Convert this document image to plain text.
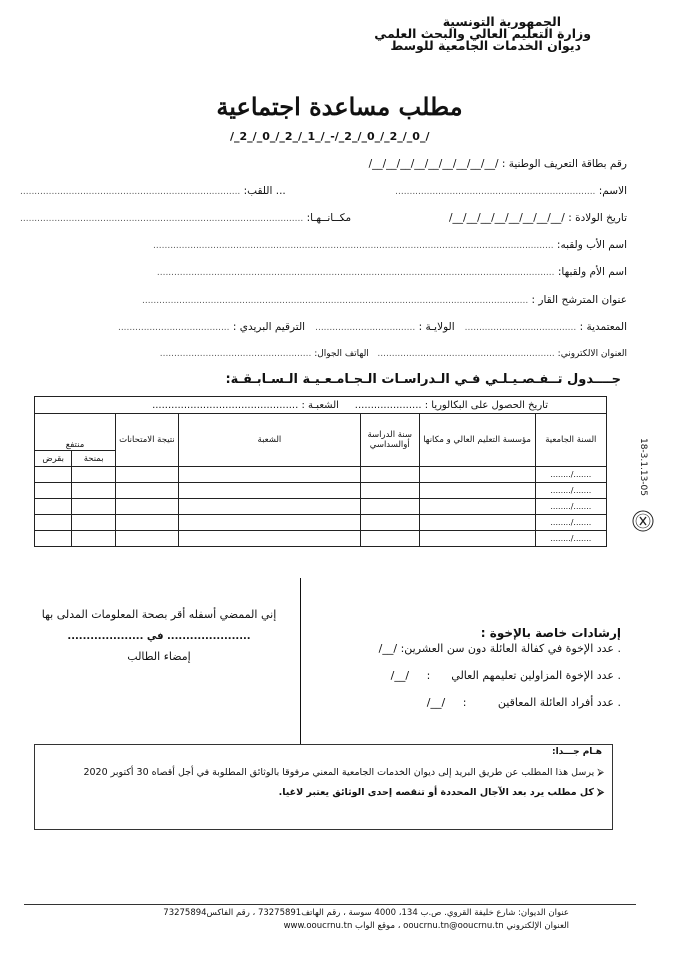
الجمهورية التونسية
وزارة التعليم العالي والبحث العلمي
ديوان الخدمات الجامعية للوسط
مطلب مساعدة اجتماعية
/_2_/_0_/_2_/_1_/_-/_2_/_0_/_2_/_0_/
رقم بطاقة التعريف الوطنية : /__/__/__/__/__/__/__/__/__/
الاسم: ......................................................................
... اللقب: .............................................................................
تاريخ الولادة : /__/__/__/__/__/__/__/__/
مكــانــهـا: ...................................................................................................
اسم الأب ولقبه: ............................................................................................................................................
اسم الأم ولقبها: ...........................................................................................................................................
عنوان المترشح القار : .......................................................................................................................................
المعتمدية : .......................................   الولايـة : ...................................   الترقيم البريدي : .......................................
العنوان الالكتروني: ..............................................................   الهاتف الجوال: .....................................................
جــــدول تــفـصـيـلـي فـي الـدراسـات الـجـامـعـيـة الـسـابـقـة:
تاريخ الحصول على البكالوريا : .....................     الشعبـة : ..............................................						
السنة الجامعية	مؤسسة التعليم العالي و مكانها	سنة الدراسة أوالسداسي	الشعبة	نتيجة الامتحانات	منتفع	
					بمنحة	بقرض
......./........						
......./........						
......./........						
......./........						
......./........						
18-3.1.13-05
إني الممضي أسفله أقر بصحة المعلومات المدلى بها
...................... في ....................
إمضاء الطالب
إرشادات خاصة بالإخوة :
. عدد الإخوة في كفالة العائلة دون سن العشرين: /__/
. عدد الإخوة المزاولين تعليمهم العالي      :     /__/
. عدد أفراد العائلة المعاقين         :     /__/
هـام جـــدا:
⮚ يرسل هذا المطلب عن طريق البريد إلى ديوان الخدمات الجامعية المعني مرفوقا بالوثائق المطلوبة في أجل أقصاه 30 أكتوبر 2020
⮚ كل مطلب يرد بعد الآجال المحددة أو تنقصه إحدى الوثائق يعتبر لاغيا.
عنوان الديوان: شارع خليفة القروي. ص.ب 134، 4000 سوسة ، رقم الهاتف73275891 ، رقم الفاكس73275894
العنوان الإلكتروني ooucrnu.tn@ooucrnu.tn ، موقع الواب www.ooucrnu.tn
